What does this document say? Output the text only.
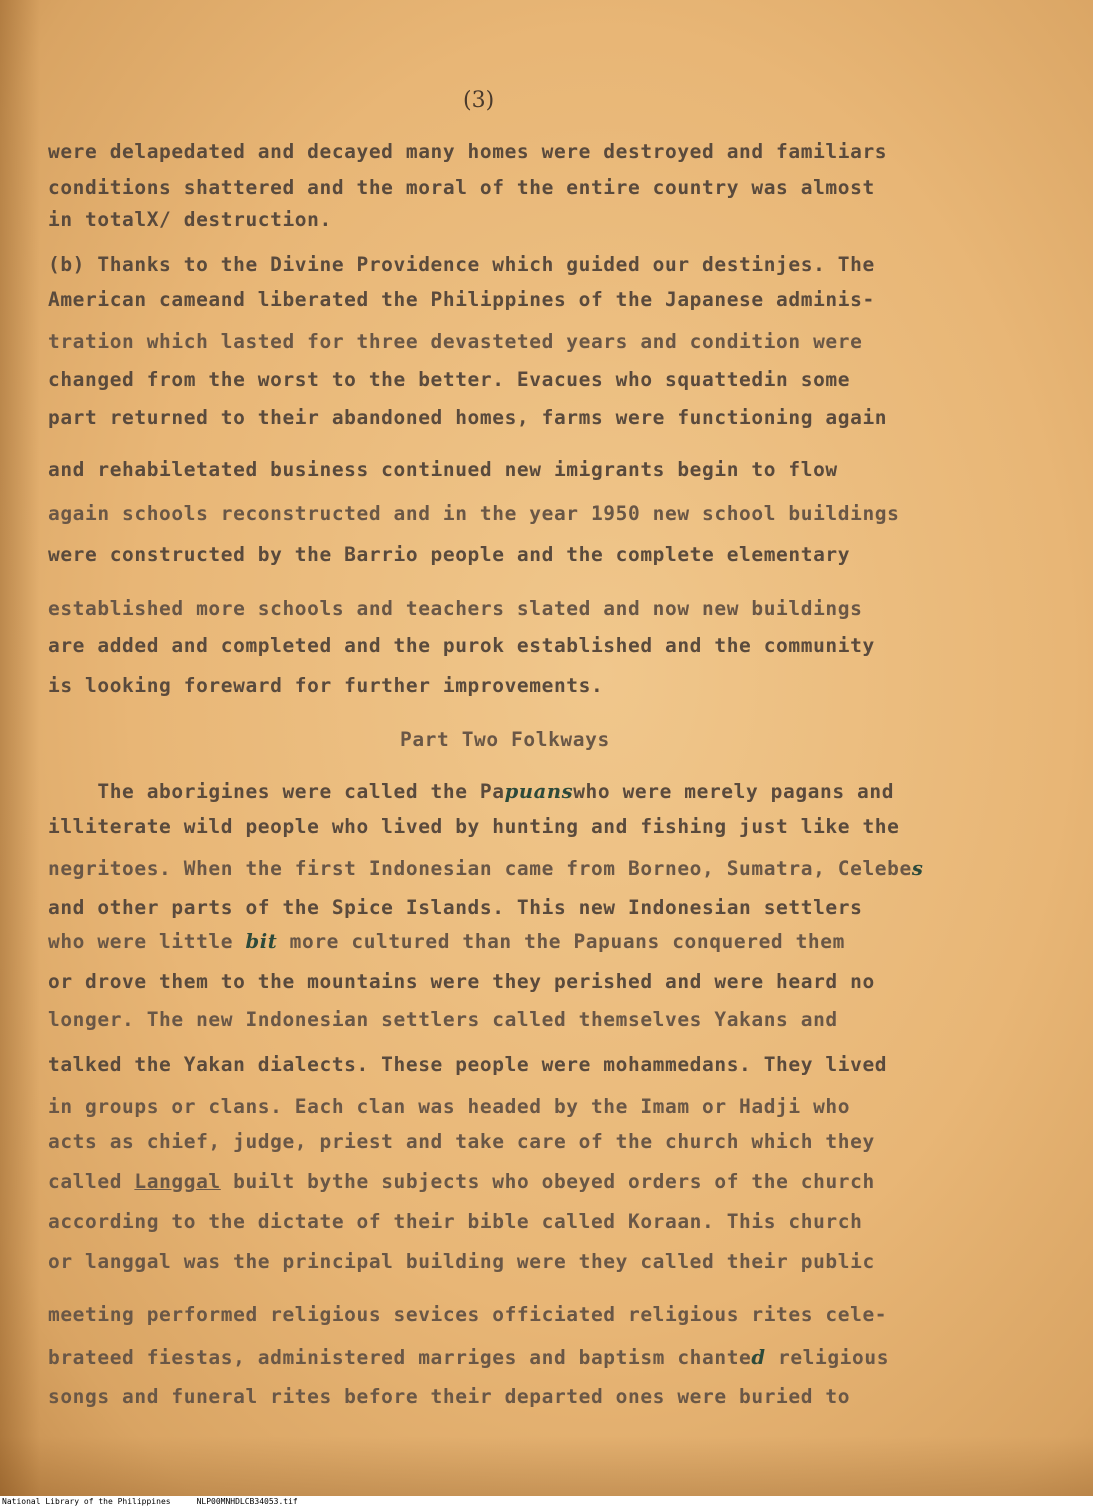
(3)
were delapedated and decayed many homes were destroyed and familiars
conditions shattered and the moral of the entire country was almost
in totalX/ destruction.
(b) Thanks to the Divine Providence which guided our destinjes. The
American cameand liberated the Philippines of the Japanese adminis-
tration which lasted for three devasteted years and condition were
changed from the worst to the better. Evacues who squattedin some
part returned to their abandoned homes, farms were functioning again
and rehabiletated business continued new imigrants begin to flow
again schools reconstructed and in the year 1950 new school buildings
were constructed by the Barrio people and the complete elementary
established more schools and teachers slated and now new buildings
are added and completed and the purok established and the community
is looking foreward for further improvements.
Part Two Folkways
The aborigines were called the Papuanswho were merely pagans and
illiterate wild people who lived by hunting and fishing just like the
negritoes. When the first Indonesian came from Borneo, Sumatra, Celebes
and other parts of the Spice Islands. This new Indonesian settlers
who were little bit more cultured than the Papuans conquered them
or drove them to the mountains were they perished and were heard no
longer. The new Indonesian settlers called themselves Yakans and
talked the Yakan dialects. These people were mohammedans. They lived
in groups or clans. Each clan was headed by the Imam or Hadji who
acts as chief, judge, priest and take care of the church which they
called Langgal built bythe subjects who obeyed orders of the church
according to the dictate of their bible called Koraan. This church
or langgal was the principal building were they called their public
meeting performed religious sevices officiated religious rites cele-
brateed fiestas, administered marriges and baptism chanted religious
songs and funeral rites before their departed ones were buried to
National Library of the Philippines	NLP00MNHDLCB34053.tif
